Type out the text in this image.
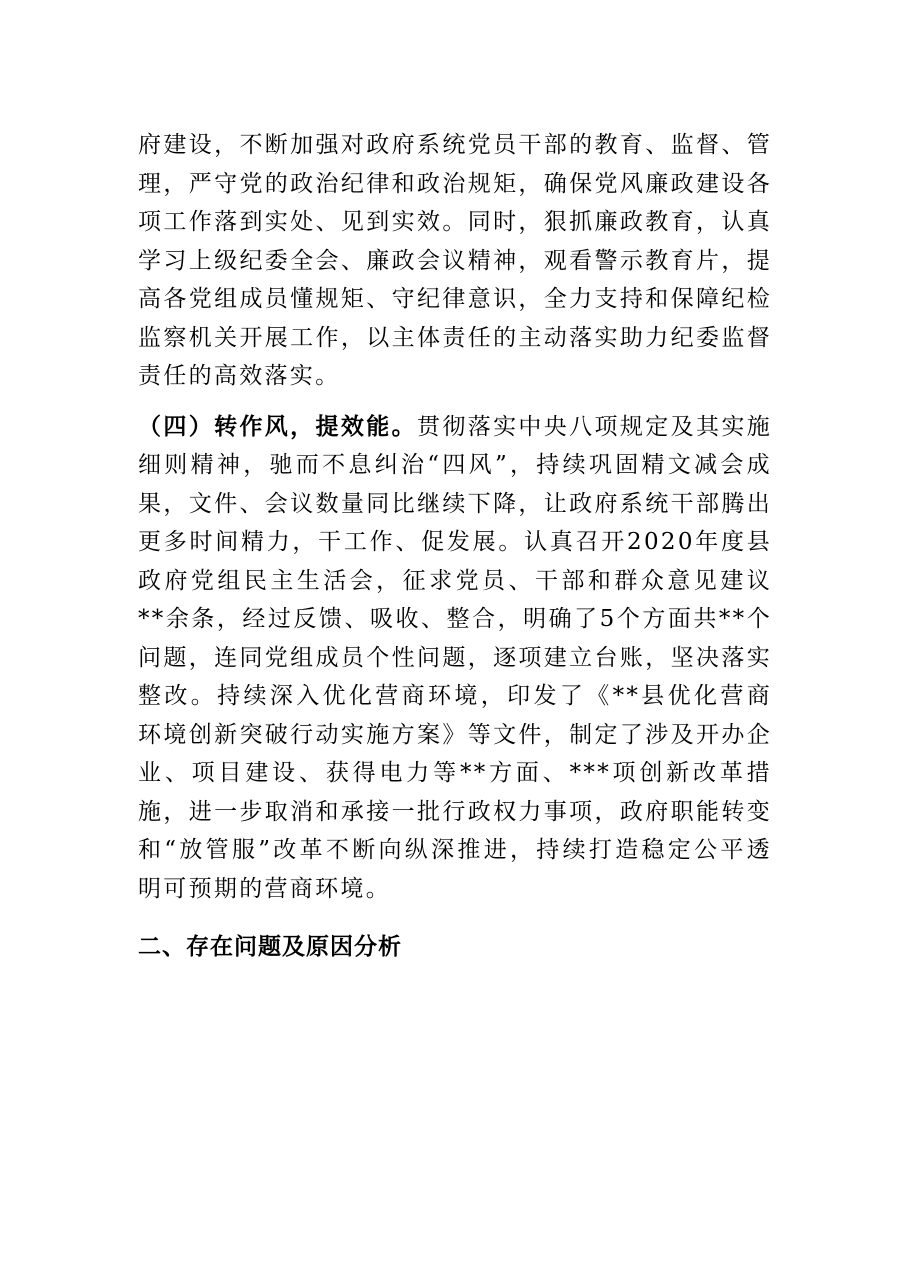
府建设，不断加强对政府系统党员干部的教育、监督、管理，严守党的政治纪律和政治规矩，确保党风廉政建设各项工作落到实处、见到实效。同时，狠抓廉政教育，认真学习上级纪委全会、廉政会议精神，观看警示教育片，提高各党组成员懂规矩、守纪律意识，全力支持和保障纪检监察机关开展工作，以主体责任的主动落实助力纪委监督责任的高效落实。

（四）转作风，提效能。贯彻落实中央八项规定及其实施细则精神，驰而不息纠治“四风”，持续巩固精文减会成果，文件、会议数量同比继续下降，让政府系统干部腾出更多时间精力，干工作、促发展。认真召开2020年度县政府党组民主生活会，征求党员、干部和群众意见建议**余条，经过反馈、吸收、整合，明确了5个方面共**个问题，连同党组成员个性问题，逐项建立台账，坚决落实整改。持续深入优化营商环境，印发了《**县优化营商环境创新突破行动实施方案》等文件，制定了涉及开办企业、项目建设、获得电力等**方面、***项创新改革措施，进一步取消和承接一批行政权力事项，政府职能转变和“放管服”改革不断向纵深推进，持续打造稳定公平透明可预期的营商环境。

二、存在问题及原因分析
